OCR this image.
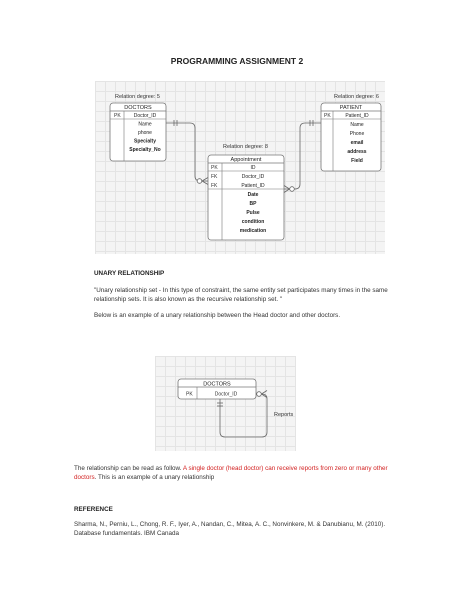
PROGRAMMING ASSIGNMENT 2
Relation degree: 5
DOCTORS
PK	Doctor_ID
Name
phone
Specialty
Specialty_No
Relation degree: 6
PATIENT
PK	Patient_ID
Name
Phone
email
address
Field
Relation degree: 8
Appointment
PK	ID
FK	Doctor_ID
FK	Patient_ID
Date
BP
Pulse
condition
medication
UNARY RELATIONSHIP
"Unary relationship set - In this type of constraint, the same entity set participates many times in the same relationship sets. It is also known as the recursive relationship set. "
Below is an example of a unary relationship between the Head doctor and other doctors.
DOCTORS
PK	Doctor_ID
Reports
The relationship can be read as follow. A single doctor (head doctor) can receive reports from zero or many other doctors. This is an example of a unary relationship
REFERENCE
Sharma, N., Perniu, L., Chong, R. F., Iyer, A., Nandan, C., Mitea, A. C., Nonvinkere, M. & Danubianu, M. (2010). Database fundamentals. IBM Canada
